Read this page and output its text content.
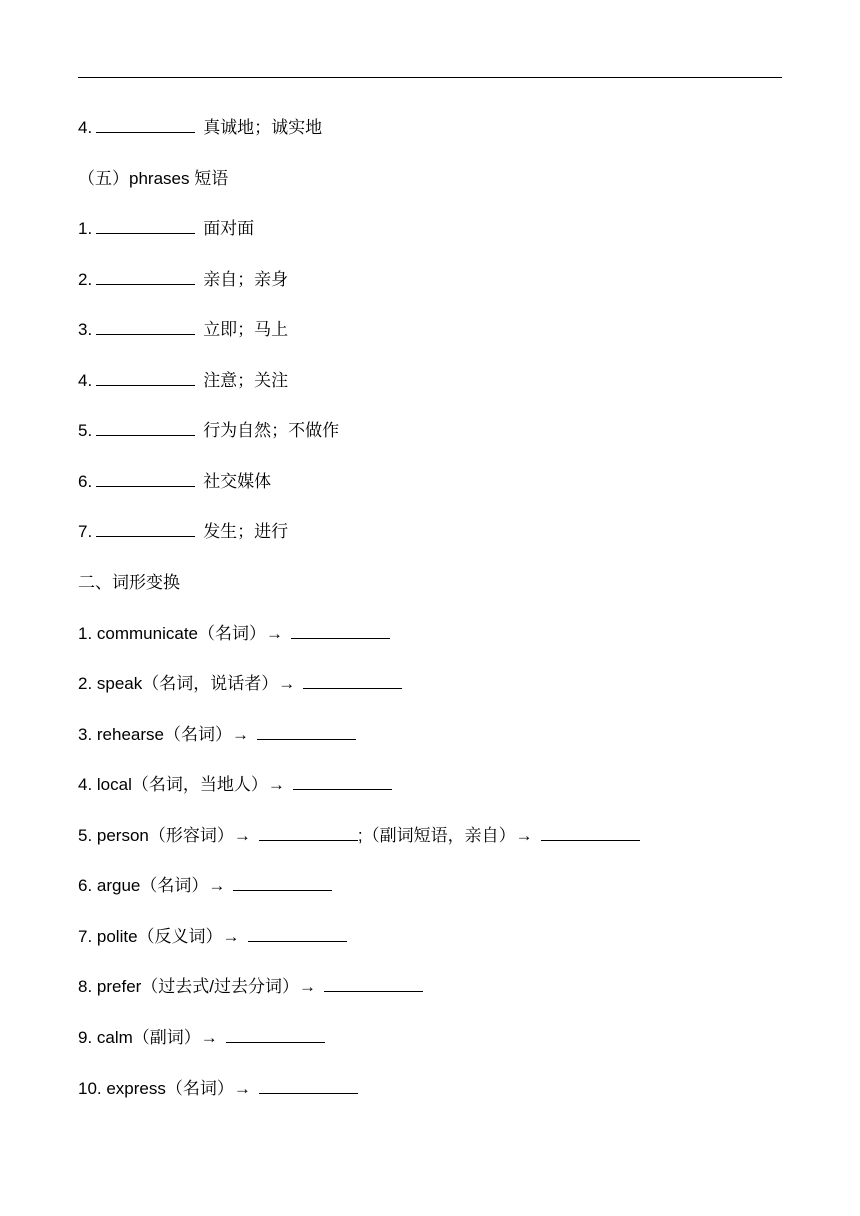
4.	真诚地；诚实地
（五）phrases 短语
1.	面对面
2.	亲自；亲身
3.	立即；马上
4.	注意；关注
5.	行为自然；不做作
6.	社交媒体
7.	发生；进行
二、词形变换
1. communicate（名词）→
2. speak（名词，说话者）→
3. rehearse（名词）→
4. local（名词，当地人）→
5. person（形容词）→	;（副词短语，亲自）→
6. argue（名词）→
7. polite（反义词）→
8. prefer（过去式/过去分词）→
9. calm（副词）→
10. express（名词）→
